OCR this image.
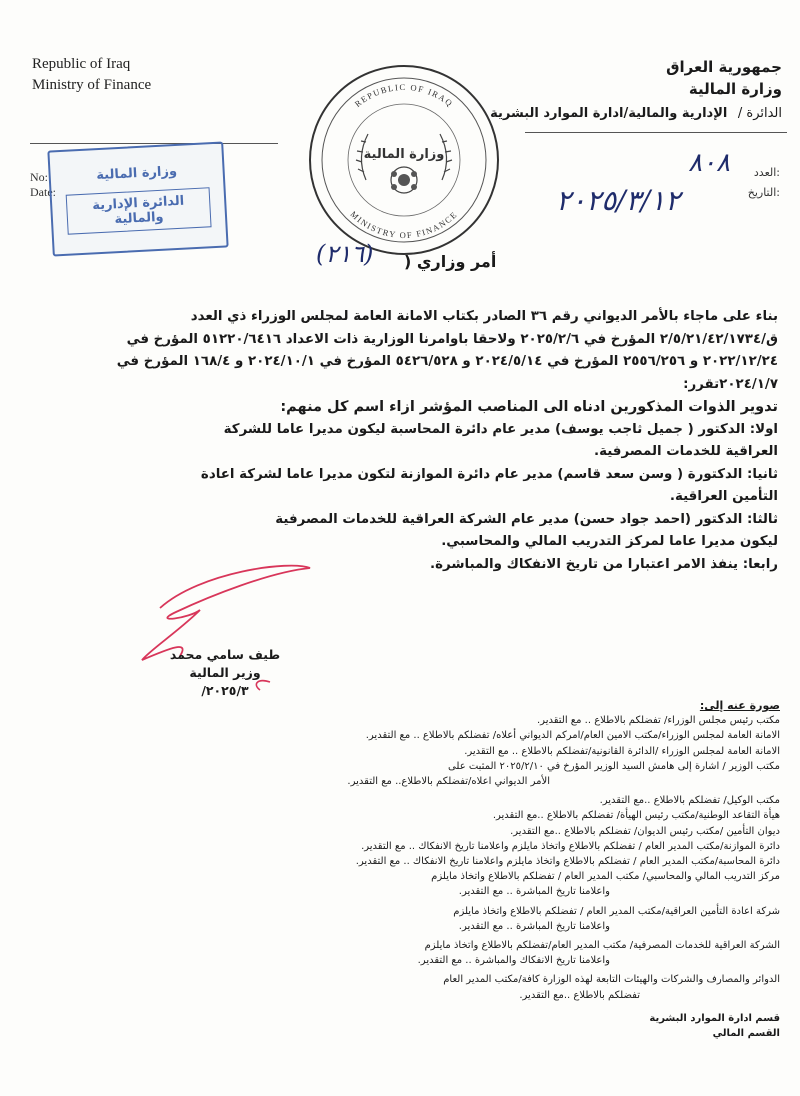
Republic of Iraq
Ministry of Finance
جمهورية العراق
وزارة المالية
الدائرة / الإدارية والمالية/ادارة الموارد البشرية
REPUBLIC OF IRAQ
MINISTRY OF FINANCE
وزارة المالية
No:
Date:
وزارة المالية
الدائرة الإدارية والمالية
العدد:
التاريخ:
٨٠٨
٢٠٢٥/٣/١٢
أمر وزاري (
(٢١٦)

بناء على ماجاء بالأمر الديواني رقم ٣٦ الصادر بكتاب الامانة العامة لمجلس الوزراء ذي العدد

ق/٢/٥/٢١/٤٢/١٧٣٤ المؤرخ في ٢٠٢٥/٢/٦ ولاحقا باوامرنا الوزارية ذات الاعداد ٥١٢٢٠/٦٤١٦ المؤرخ في

٢٠٢٢/١٢/٢٤ و ٢٥٥٦/٢٥٦ المؤرخ في ٢٠٢٤/٥/١٤ و ٥٤٢٦/٥٢٨ المؤرخ في ٢٠٢٤/١٠/١ و ١٦٨/٤ المؤرخ في

٢٠٢٤/١/٧تقرر:

تدوير الذوات المذكورين ادناه الى المناصب المؤشر ازاء اسم كل منهم:

اولا: الدكتور ( جميل ثاجب يوسف) مدير عام دائرة المحاسبة ليكون مديرا عاما للشركة

العراقية للخدمات المصرفية.

ثانيا: الدكتورة ( وسن سعد قاسم) مدير عام دائرة الموازنة لتكون مديرا عاما لشركة اعادة

التأمين العراقية.

ثالثا: الدكتور (احمد جواد حسن) مدير عام الشركة العراقية للخدمات المصرفية

ليكون مديرا عاما لمركز التدريب المالي والمحاسبي.

رابعا: ينفذ الامر اعتبارا من تاريخ الانفكاك والمباشرة.

طيف سامي محمد
وزير المالية
٢٠٢٥/٣/

صورة عنه إلى:

مكتب رئيس مجلس الوزراء/ تفضلكم بالاطلاع .. مع التقدير.

الامانة العامة لمجلس الوزراء/مكتب الامين العام/امركم الديواني أعلاه/ تفضلكم بالاطلاع .. مع التقدير.

الامانة العامة لمجلس الوزراء /الدائرة القانونية/تفضلكم بالاطلاع .. مع التقدير.

مكتب الوزير / اشارة إلى هامش السيد الوزير المؤرخ في ٢٠٢٥/٢/١٠ المثبت على

الأمر الديواني اعلاه/تفضلكم بالاطلاع.. مع التقدير.

مكتب الوكيل/ تفضلكم بالاطلاع ..مع التقدير.

هيأة التقاعد الوطنية/مكتب رئيس الهيأة/ تفضلكم بالاطلاع ..مع التقدير.

ديوان التأمين /مكتب رئيس الديوان/ تفضلكم بالاطلاع ..مع التقدير.

دائرة الموازنة/مكتب المدير العام / تفضلكم بالاطلاع واتخاذ مايلزم واعلامنا تاريخ الانفكاك .. مع التقدير.

دائرة المحاسبة/مكتب المدير العام / تفضلكم بالاطلاع واتخاذ مايلزم واعلامنا تاريخ الانفكاك .. مع التقدير.

مركز التدريب المالي والمحاسبي/ مكتب المدير العام / تفضلكم بالاطلاع واتخاذ مايلزم

واعلامنا تاريخ المباشرة .. مع التقدير.

شركة اعادة التأمين العراقية/مكتب المدير العام / تفضلكم بالاطلاع واتخاذ مايلزم

واعلامنا تاريخ المباشرة .. مع التقدير.

الشركة العراقية للخدمات المصرفية/ مكتب المدير العام/تفضلكم بالاطلاع واتخاذ مايلزم

واعلامنا تاريخ الانفكاك والمباشرة .. مع التقدير.

الدوائر والمصارف والشركات والهيئات التابعة لهذه الوزارة كافة/مكتب المدير العام

تفضلكم بالاطلاع ..مع التقدير.

قسم ادارة الموارد البشرية

القسم المالي
